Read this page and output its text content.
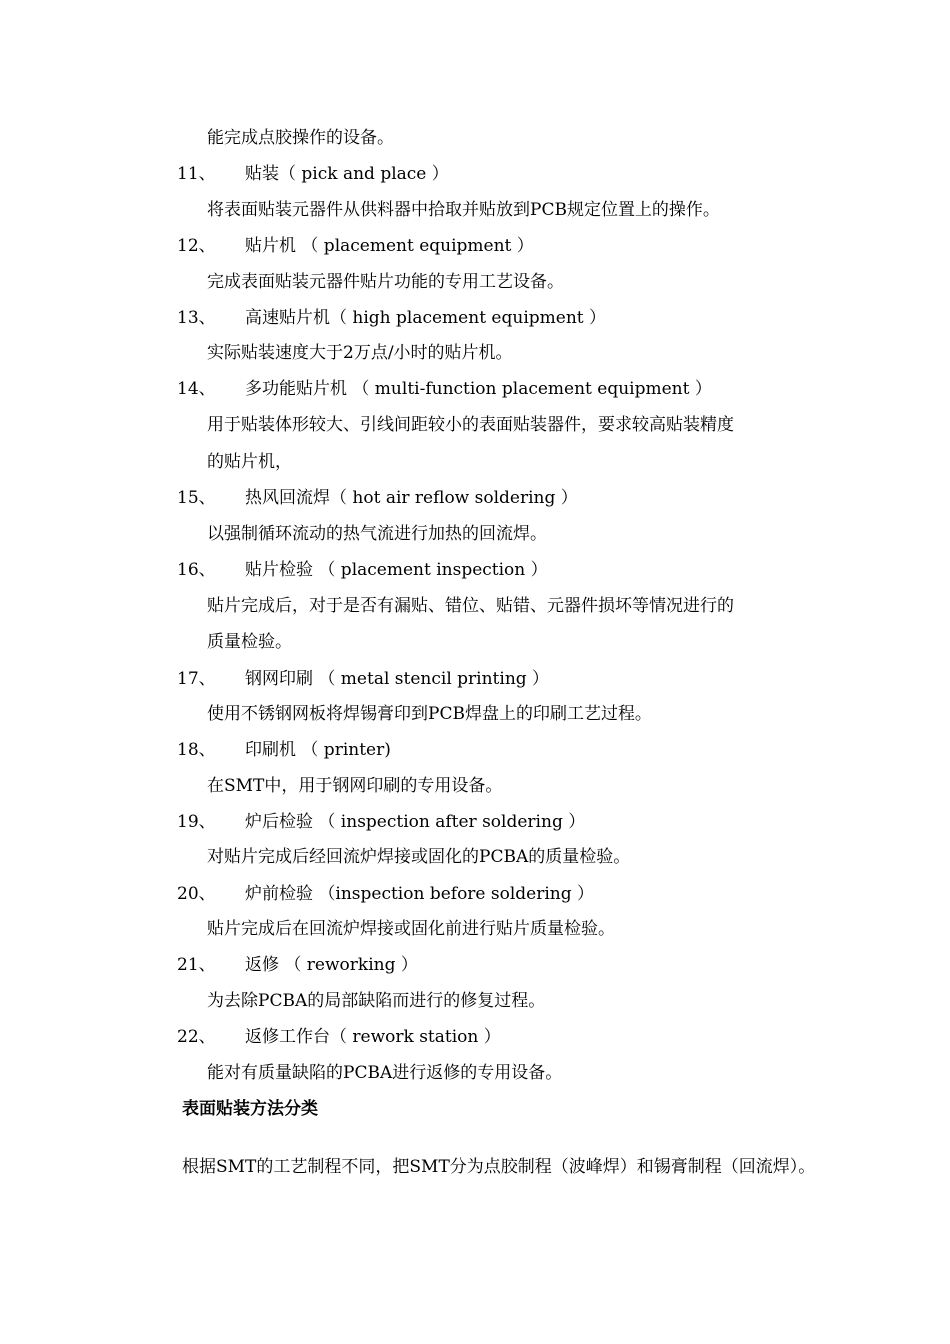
能完成点胶操作的设备。
11、 贴装（ pick and place ）
将表面贴装元器件从供料器中拾取并贴放到PCB规定位置上的操作。
12、 贴片机 （ placement equipment ）
完成表面贴装元器件贴片功能的专用工艺设备。
13、 高速贴片机（ high placement equipment ）
实际贴装速度大于2万点/小时的贴片机。
14、 多功能贴片机 （ multi-function placement equipment ）
用于贴装体形较大、引线间距较小的表面贴装器件，要求较高贴装精度
的贴片机，
15、 热风回流焊（ hot air reflow soldering ）
以强制循环流动的热气流进行加热的回流焊。
16、 贴片检验 （ placement inspection ）
贴片完成后，对于是否有漏贴、错位、贴错、元器件损坏等情况进行的
质量检验。
17、 钢网印刷 （ metal stencil printing ）
使用不锈钢网板将焊锡膏印到PCB焊盘上的印刷工艺过程。
18、 印刷机 （ printer)
在SMT中，用于钢网印刷的专用设备。
19、 炉后检验 （ inspection after soldering ）
对贴片完成后经回流炉焊接或固化的PCBA的质量检验。
20、 炉前检验 （inspection before soldering ）
贴片完成后在回流炉焊接或固化前进行贴片质量检验。
21、 返修 （ reworking ）
为去除PCBA的局部缺陷而进行的修复过程。
22、 返修工作台（ rework station ）
能对有质量缺陷的PCBA进行返修的专用设备。
表面贴装方法分类
根据SMT的工艺制程不同，把SMT分为点胶制程（波峰焊）和锡膏制程（回流焊）。
